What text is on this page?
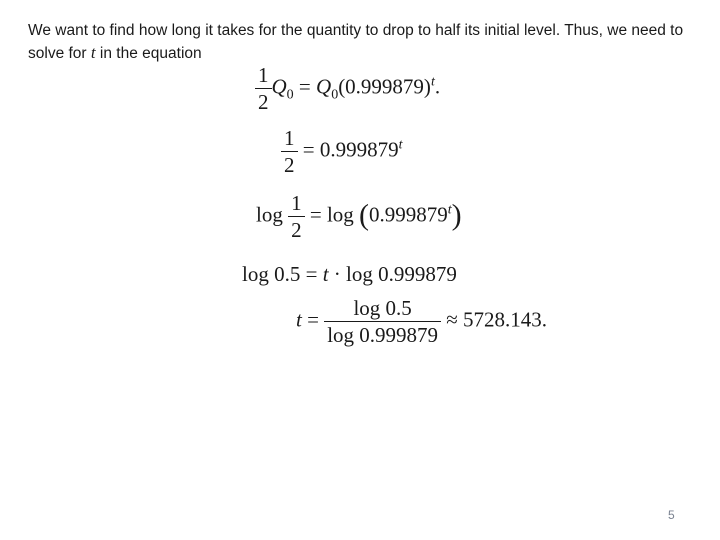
We want to find how long it takes for the quantity to drop to half its initial level. Thus, we need to solve for t in the equation
$\frac{1}{2} Q_0 = Q_0(0.999879)^t$.
$\frac{1}{2} = 0.999879^t$
$\log \frac{1}{2} = \log (0.999879^t)$
log 0.5 = t · log 0.999879
$t = \frac{\log 0.5}{\log 0.999879} \approx 5728.143$.
5
